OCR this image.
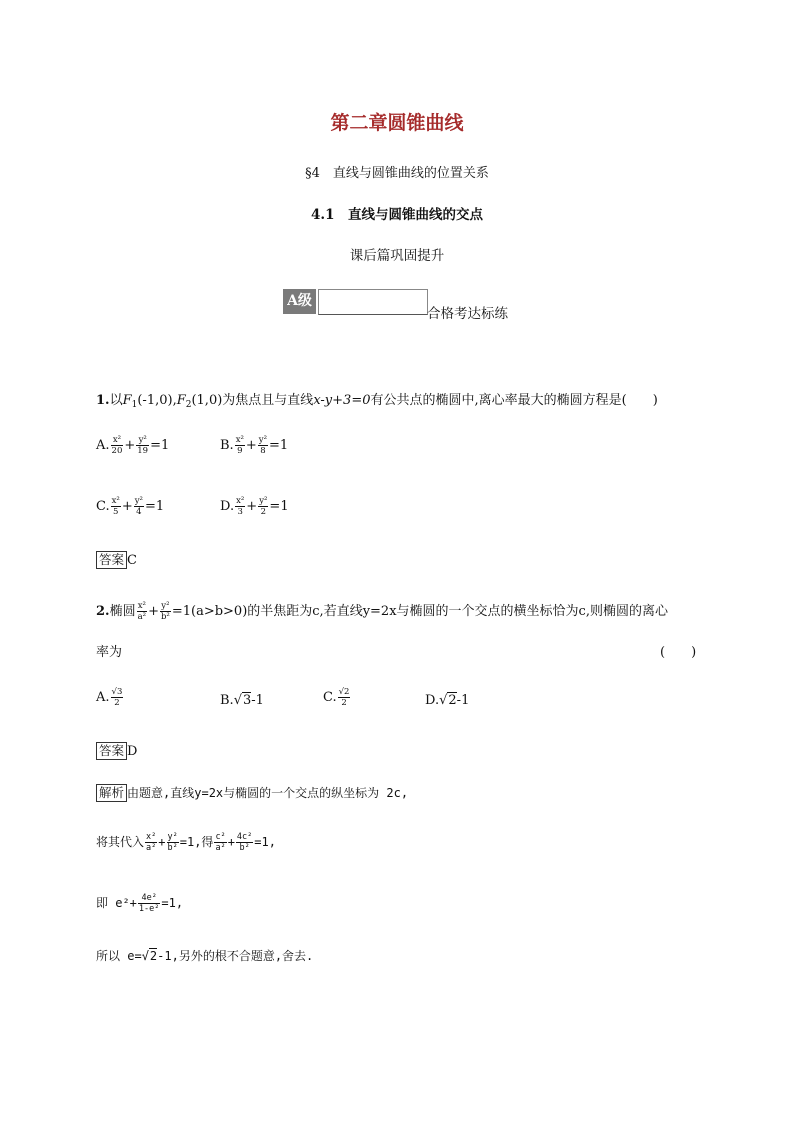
第二章圆锥曲线
§4　直线与圆锥曲线的位置关系
4.1　直线与圆锥曲线的交点
课后篇巩固提升
A级
合格考达标练
1.以$F_1(-1,0),F_2(1,0)$为焦点且与直线x-y+3=0有公共点的椭圆中,离心率最大的椭圆方程是(　　)
A. $\frac{\text{x²}}{20} + \frac{\text{y²}}{19} =1$	B. $\frac{\text{x²}}{9} + \frac{\text{y²}}{8} =1$
C. $\frac{\text{x²}}{5} + \frac{\text{y²}}{4} =1$	D. $\frac{\text{x²}}{3} + \frac{\text{y²}}{2} =1$
答案 C
2.椭圆 $\frac{\text{x²}}{\text{a²}} + \frac{\text{y²}}{\text{b²}} =1(a>b>0)$的半焦距为c,若直线y=2x与椭圆的一个交点的横坐标恰为c,则椭圆的离心
率为	(　　)
A. $\frac{√3}{2}$	B.√3-1	C. $\frac{√2}{2}$	D.√2-1
答案 D
解析 由题意,直线y=2x与椭圆的一个交点的纵坐标为 2c,
将其代入 $\frac{\text{x²}}{\text{a²}} + \frac{\text{y²}}{\text{b²}} =1$,得 $\frac{\text{c²}}{\text{a²}} + \frac{\text{4c²}}{\text{b²}} =1$,
即 $e^2+ \frac{\text{4e²}}{\text{1-e²}} =1$,
所以 e=√2-1,另外的根不合题意,舍去.
